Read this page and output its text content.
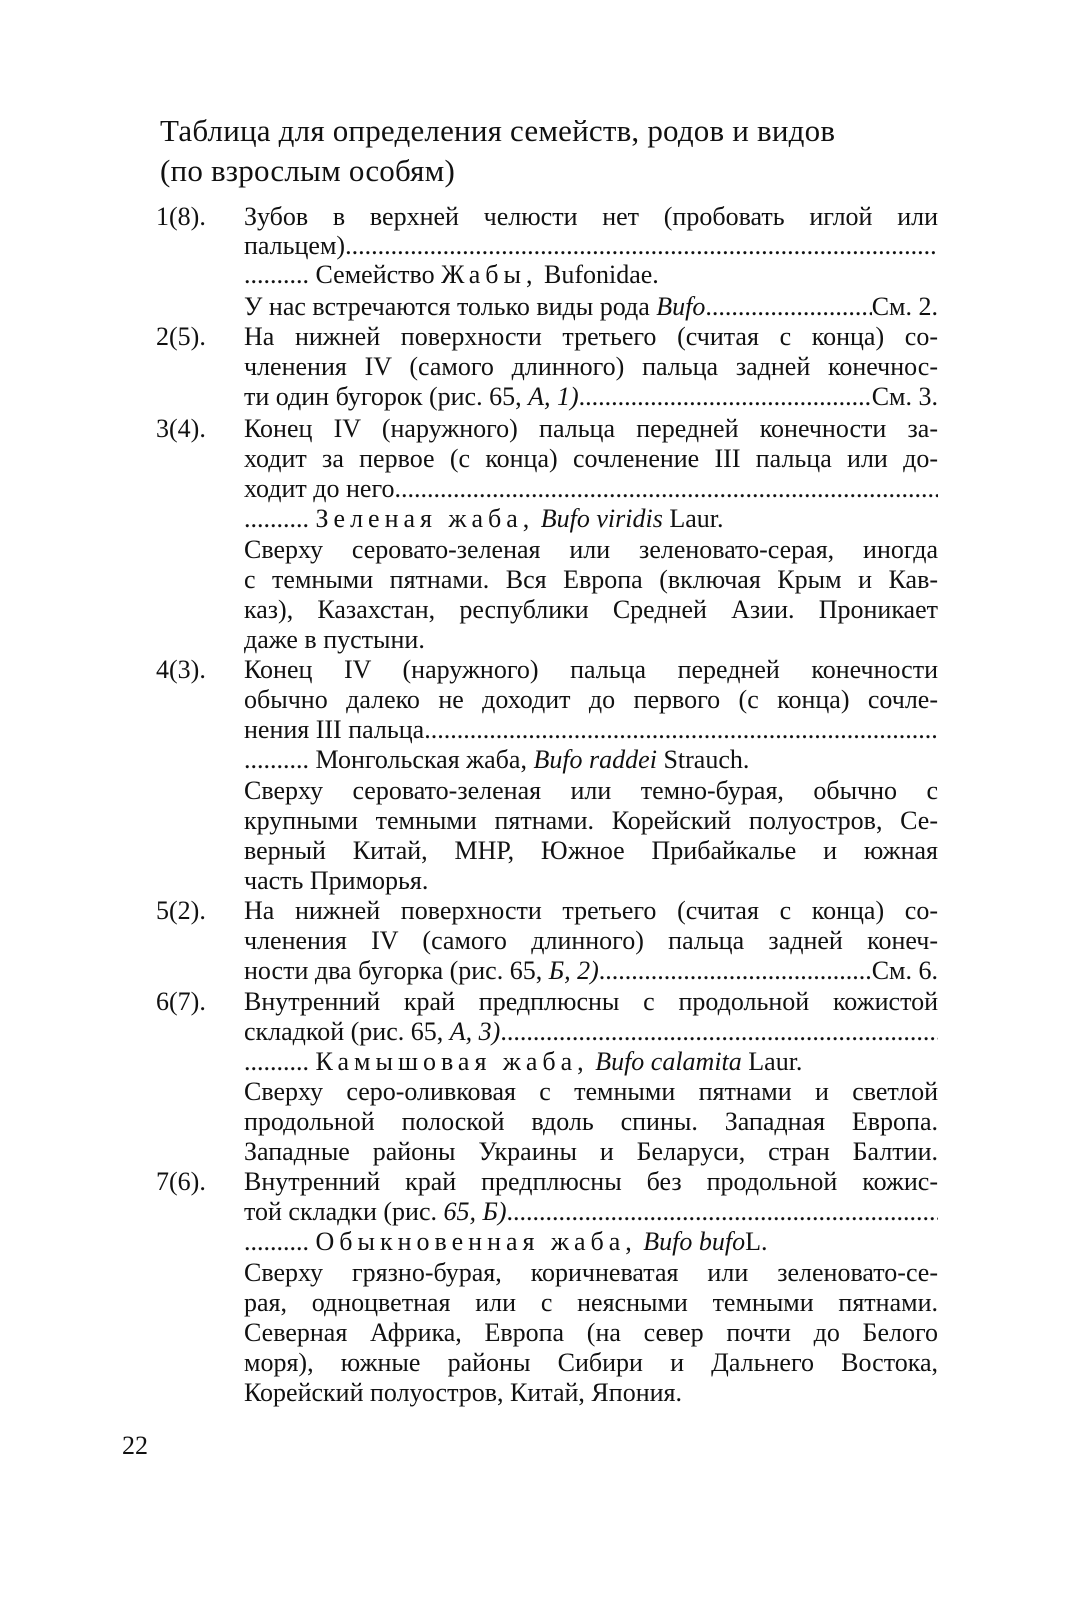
Таблица для определения семейств, родов и видов
(по взрослым особям)
1(8).	Зубов в верхней челюсти нет (пробовать иглой или
пальцем)
.....
.......... Семейство Жабы, Bufonidae.
У нас встречаются только виды рода Bufo .....	См. 2.
2(5).	На нижней поверхности третьего (считая с конца) со-
членения IV (самого длинного) пальца задней конечнос-
ти один бугорок (рис. 65, А, 1) .....	См. 3.
3(4).	Конец IV (наружного) пальца передней конечности за-
ходит за первое (с конца) сочленение III пальца или до-
ходит до него
.....
.......... Зеленая жаба, Bufo viridis Laur.
Сверху серовато-зеленая или зеленовато-серая, иногда
с темными пятнами. Вся Европа (включая Крым и Кав-
каз), Казахстан, республики Средней Азии. Проникает
даже в пустыни.
4(3).	Конец IV (наружного) пальца передней конечности
обычно далеко не доходит до первого (с конца) сочле-
нения III пальца
.....
.......... Монгольская жаба, Bufo raddei Strauch.
Сверху серовато-зеленая или темно-бурая, обычно с
крупными темными пятнами. Корейский полуостров, Се-
верный Китай, МНР, Южное Прибайкалье и южная
часть Приморья.
5(2).	На нижней поверхности третьего (считая с конца) со-
членения IV (самого длинного) пальца задней конеч-
ности два бугорка (рис. 65, Б, 2) .....	См. 6.
6(7).	Внутренний край предплюсны с продольной кожистой
складкой (рис. 65, А, 3)
.....
.......... Камышовая жаба, Bufo calamita Laur.
Сверху серо-оливковая с темными пятнами и светлой
продольной полоской вдоль спины. Западная Европа.
Западные районы Украины и Беларуси, стран Балтии.
7(6).	Внутренний край предплюсны без продольной кожис-
той складки (рис. 65, Б)
.....
.......... Обыкновенная жаба, Bufo bufoL.
Сверху грязно-бурая, коричневатая или зеленовато-се-
рая, одноцветная или с неясными темными пятнами.
Северная Африка, Европа (на север почти до Белого
моря), южные районы Сибири и Дальнего Востока,
Корейский полуостров, Китай, Япония.
22
